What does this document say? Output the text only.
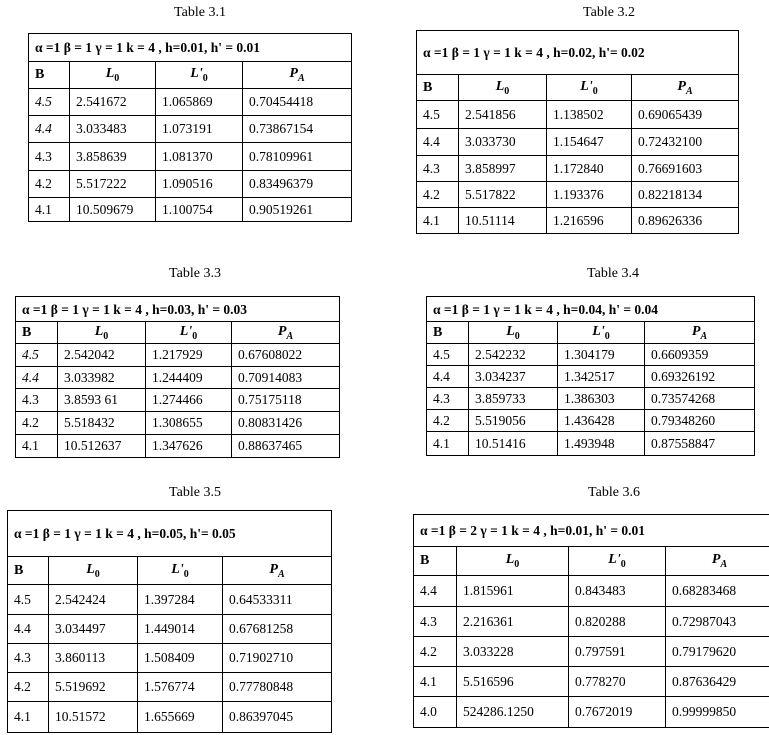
Table 3.1
α =1 β = 1 γ = 1 k = 4 , h=0.01, h' = 0.01			
B	$L_0$	$L'_0$	$P_A$
4.5	2.541672	1.065869	0.70454418
4.4	3.033483	1.073191	0.73867154
4.3	3.858639	1.081370	0.78109961
4.2	5.517222	1.090516	0.83496379
4.1	10.509679	1.100754	0.90519261
Table 3.2
α =1 β = 1 γ = 1 k = 4 , h=0.02, h'= 0.02			
B	$L_0$	$L'_0$	$P_A$
4.5	2.541856	1.138502	0.69065439
4.4	3.033730	1.154647	0.72432100
4.3	3.858997	1.172840	0.76691603
4.2	5.517822	1.193376	0.82218134
4.1	10.51114	1.216596	0.89626336
Table 3.3
α =1 β = 1 γ = 1 k = 4 , h=0.03, h' = 0.03			
B	$L_0$	$L'_0$	$P_A$
4.5	2.542042	1.217929	0.67608022
4.4	3.033982	1.244409	0.70914083
4.3	3.8593 61	1.274466	0.75175118
4.2	5.518432	1.308655	0.80831426
4.1	10.512637	1.347626	0.88637465
Table 3.4
α =1 β = 1 γ = 1 k = 4 , h=0.04, h' = 0.04			
B	$L_0$	$L'_0$	$P_A$
4.5	2.542232	1.304179	0.6609359
4.4	3.034237	1.342517	0.69326192
4.3	3.859733	1.386303	0.73574268
4.2	5.519056	1.436428	0.79348260
4.1	10.51416	1.493948	0.87558847
Table 3.5
α =1 β = 1 γ = 1 k = 4 , h=0.05, h'= 0.05			
B	$L_0$	$L'_0$	$P_A$
4.5	2.542424	1.397284	0.64533311
4.4	3.034497	1.449014	0.67681258
4.3	3.860113	1.508409	0.71902710
4.2	5.519692	1.576774	0.77780848
4.1	10.51572	1.655669	0.86397045
Table 3.6
α =1 β = 2 γ = 1 k = 4 , h=0.01, h' = 0.01			
B	$L_0$	$L'_0$	$P_A$
4.4	1.815961	0.843483	0.68283468
4.3	2.216361	0.820288	0.72987043
4.2	3.033228	0.797591	0.79179620
4.1	5.516596	0.778270	0.87636429
4.0	524286.1250	0.7672019	0.99999850
